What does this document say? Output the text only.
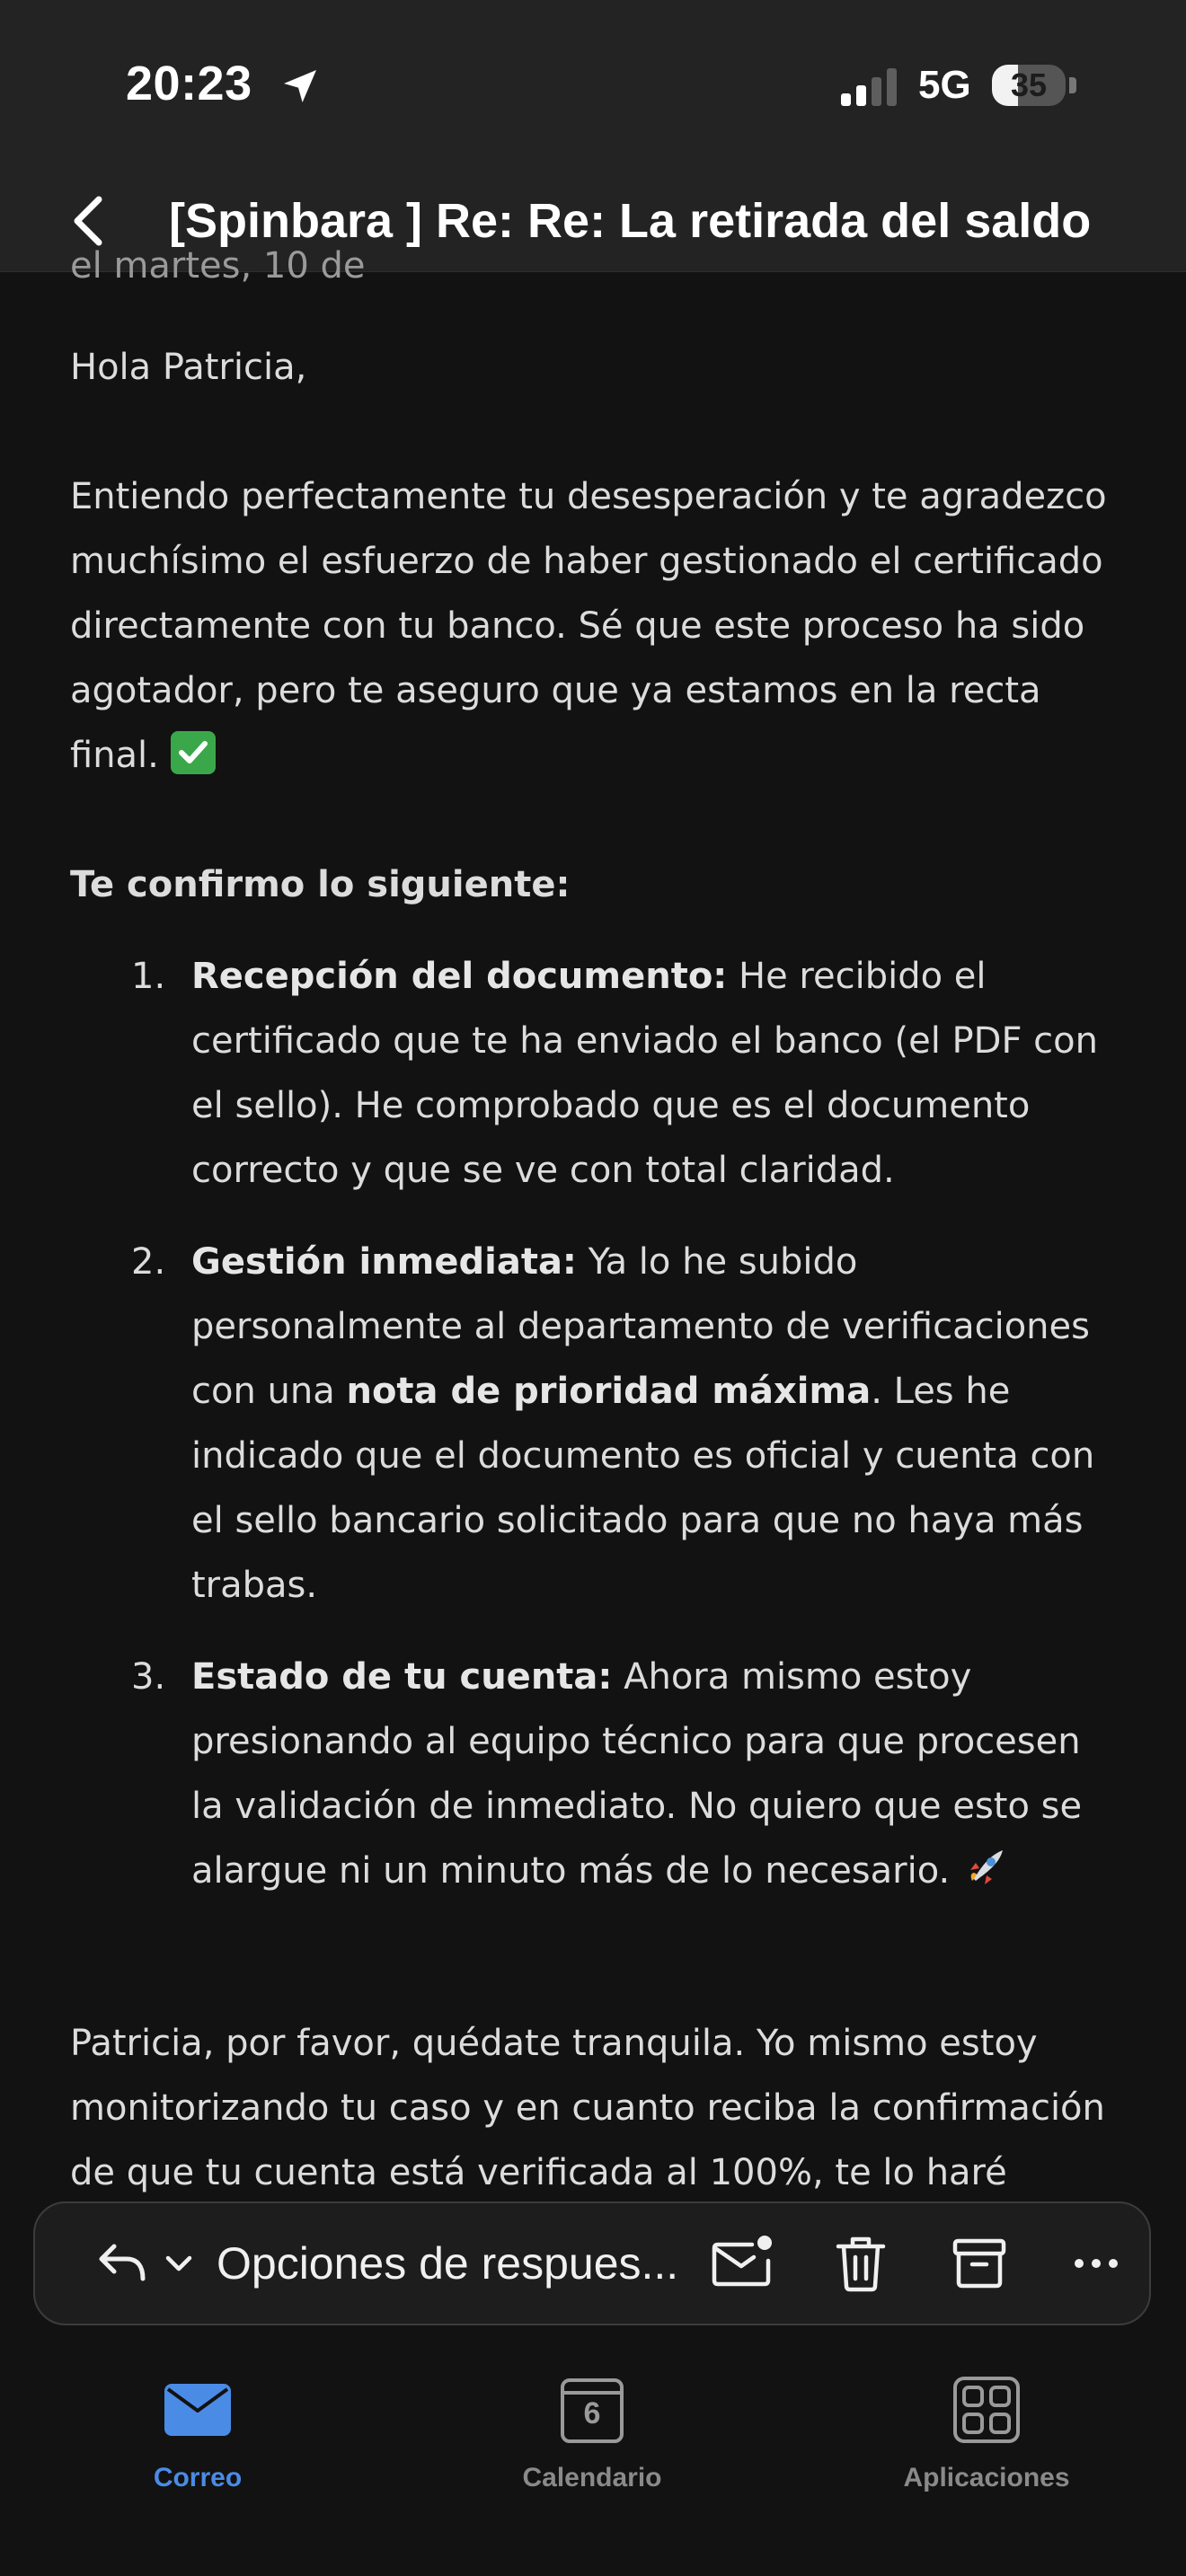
20:23	5G	35
[Spinbara ] Re: Re: La retirada del saldo
el martes, 10 de

Hola Patricia,

Entiendo perfectamente tu desesperación y te agradezco muchísimo el esfuerzo de haber gestionado el certificado directamente con tu banco. Sé que este proceso ha sido agotador, pero te aseguro que ya estamos en la recta final.

Te confirmo lo siguiente:

1. Recepción del documento: He recibido el certificado que te ha enviado el banco (el PDF con el sello). He comprobado que es el documento correcto y que se ve con total claridad.
2. Gestión inmediata: Ya lo he subido personalmente al departamento de verificaciones con una nota de prioridad máxima. Les he indicado que el documento es oficial y cuenta con el sello bancario solicitado para que no haya más trabas.
3. Estado de tu cuenta: Ahora mismo estoy presionando al equipo técnico para que procesen la validación de inmediato. No quiero que esto se alargue ni un minuto más de lo necesario.

Patricia, por favor, quédate tranquila. Yo mismo estoy monitorizando tu caso y en cuanto reciba la confirmación de que tu cuenta está verificada al 100%, te lo haré

Opciones de respues...
Correo
6
Calendario	Aplicaciones
